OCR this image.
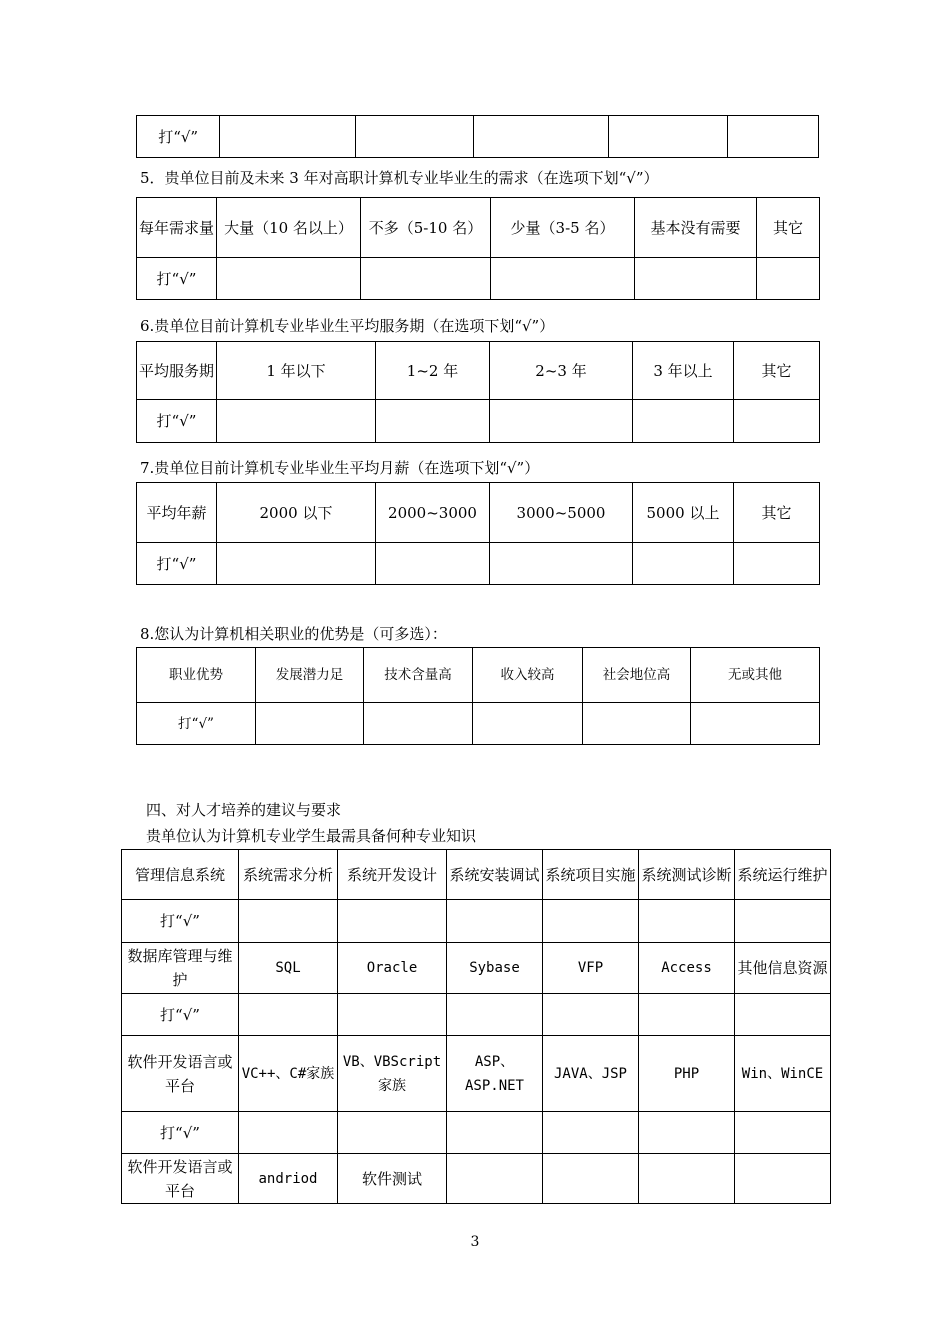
打“√”					
5．贵单位目前及未来 3 年对高职计算机专业毕业生的需求（在选项下划“√”）
每年需求量	大量（10 名以上）	不多（5-10 名）	少量（3-5 名）	基本没有需要	其它
打“√”					
6.贵单位目前计算机专业毕业生平均服务期（在选项下划“√”）
平均服务期	1 年以下	1~2 年	2~3 年	3 年以上	其它
打“√”					
7.贵单位目前计算机专业毕业生平均月薪（在选项下划“√”）
平均年薪	2000 以下	2000~3000	3000~5000	5000 以上	其它
打“√”					
8.您认为计算机相关职业的优势是（可多选）：
职业优势	发展潜力足	技术含量高	收入较高	社会地位高	无或其他
打“√”					
四、对人才培养的建议与要求
贵单位认为计算机专业学生最需具备何种专业知识
管理信息系统	系统需求分析	系统开发设计	系统安装调试	系统项目实施	系统测试诊断	系统运行维护
打“√”						
数据库管理与维护	SQL	Oracle	Sybase	VFP	Access	其他信息资源
打“√”						
软件开发语言或平台	VC++、C#家族	VB、VBScript 家族	ASP、ASP.NET	JAVA、JSP	PHP	Win、WinCE
打“√”						
软件开发语言或平台	andriod	软件测试				
3
